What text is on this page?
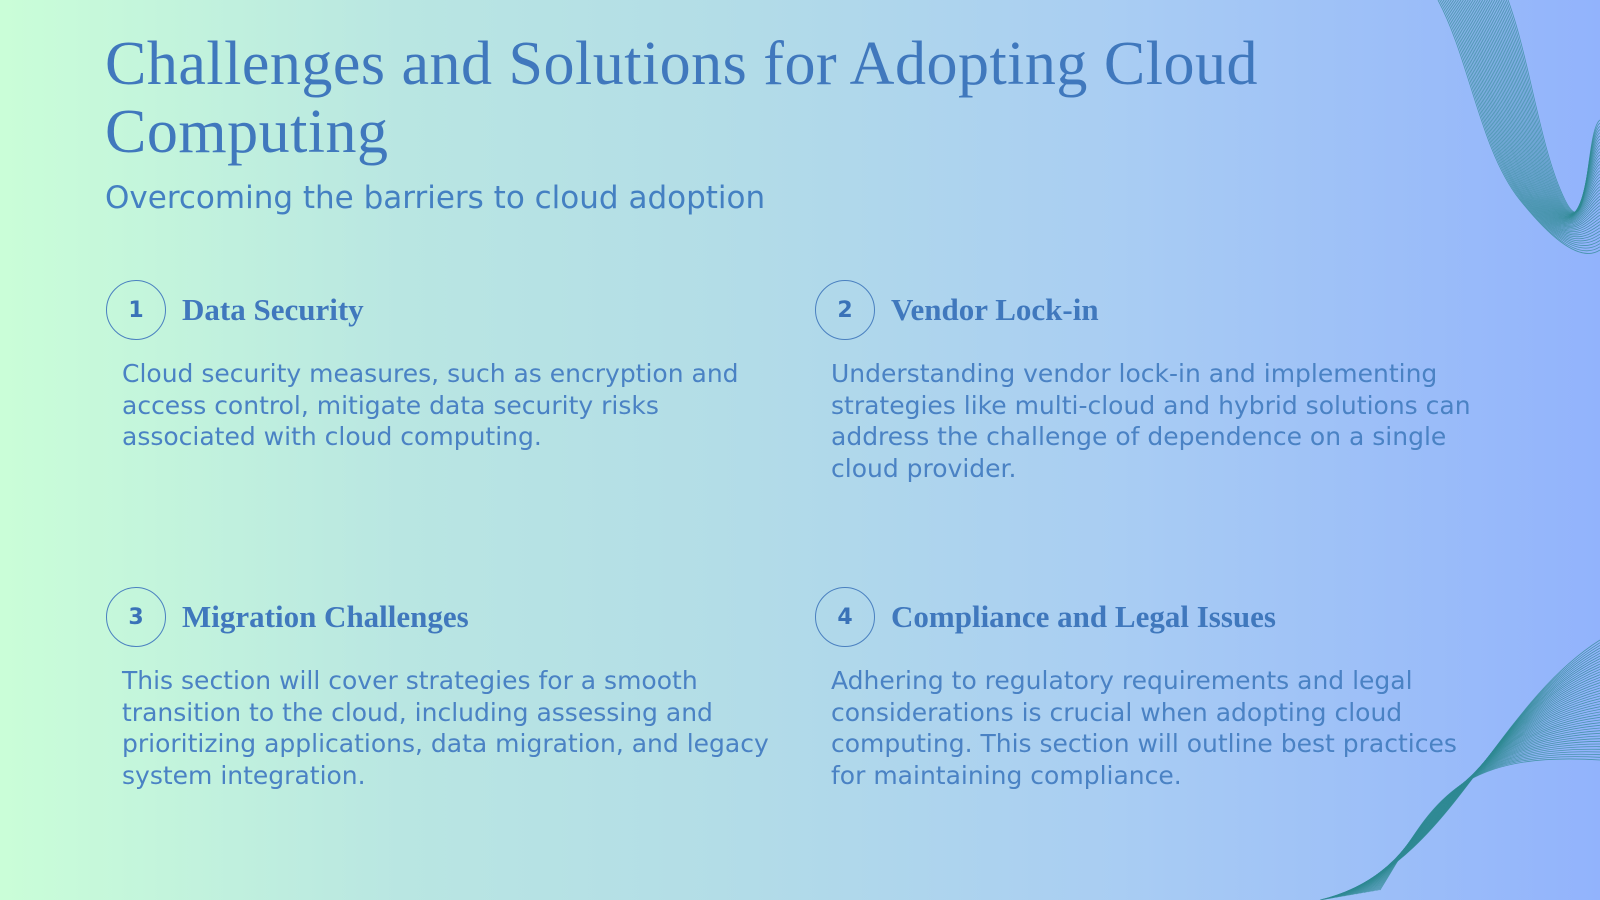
Challenges and Solutions for Adopting Cloud Computing
Overcoming the barriers to cloud adoption
1	Data Security

Cloud security measures, such as encryption and access control, mitigate data security risks associated with cloud computing.

2	Vendor Lock-in

Understanding vendor lock-in and implementing strategies like multi-cloud and hybrid solutions can address the challenge of dependence on a single cloud provider.

3	Migration Challenges

This section will cover strategies for a smooth transition to the cloud, including assessing and prioritizing applications, data migration, and legacy system integration.

4	Compliance and Legal Issues

Adhering to regulatory requirements and legal considerations is crucial when adopting cloud computing. This section will outline best practices for maintaining compliance.
